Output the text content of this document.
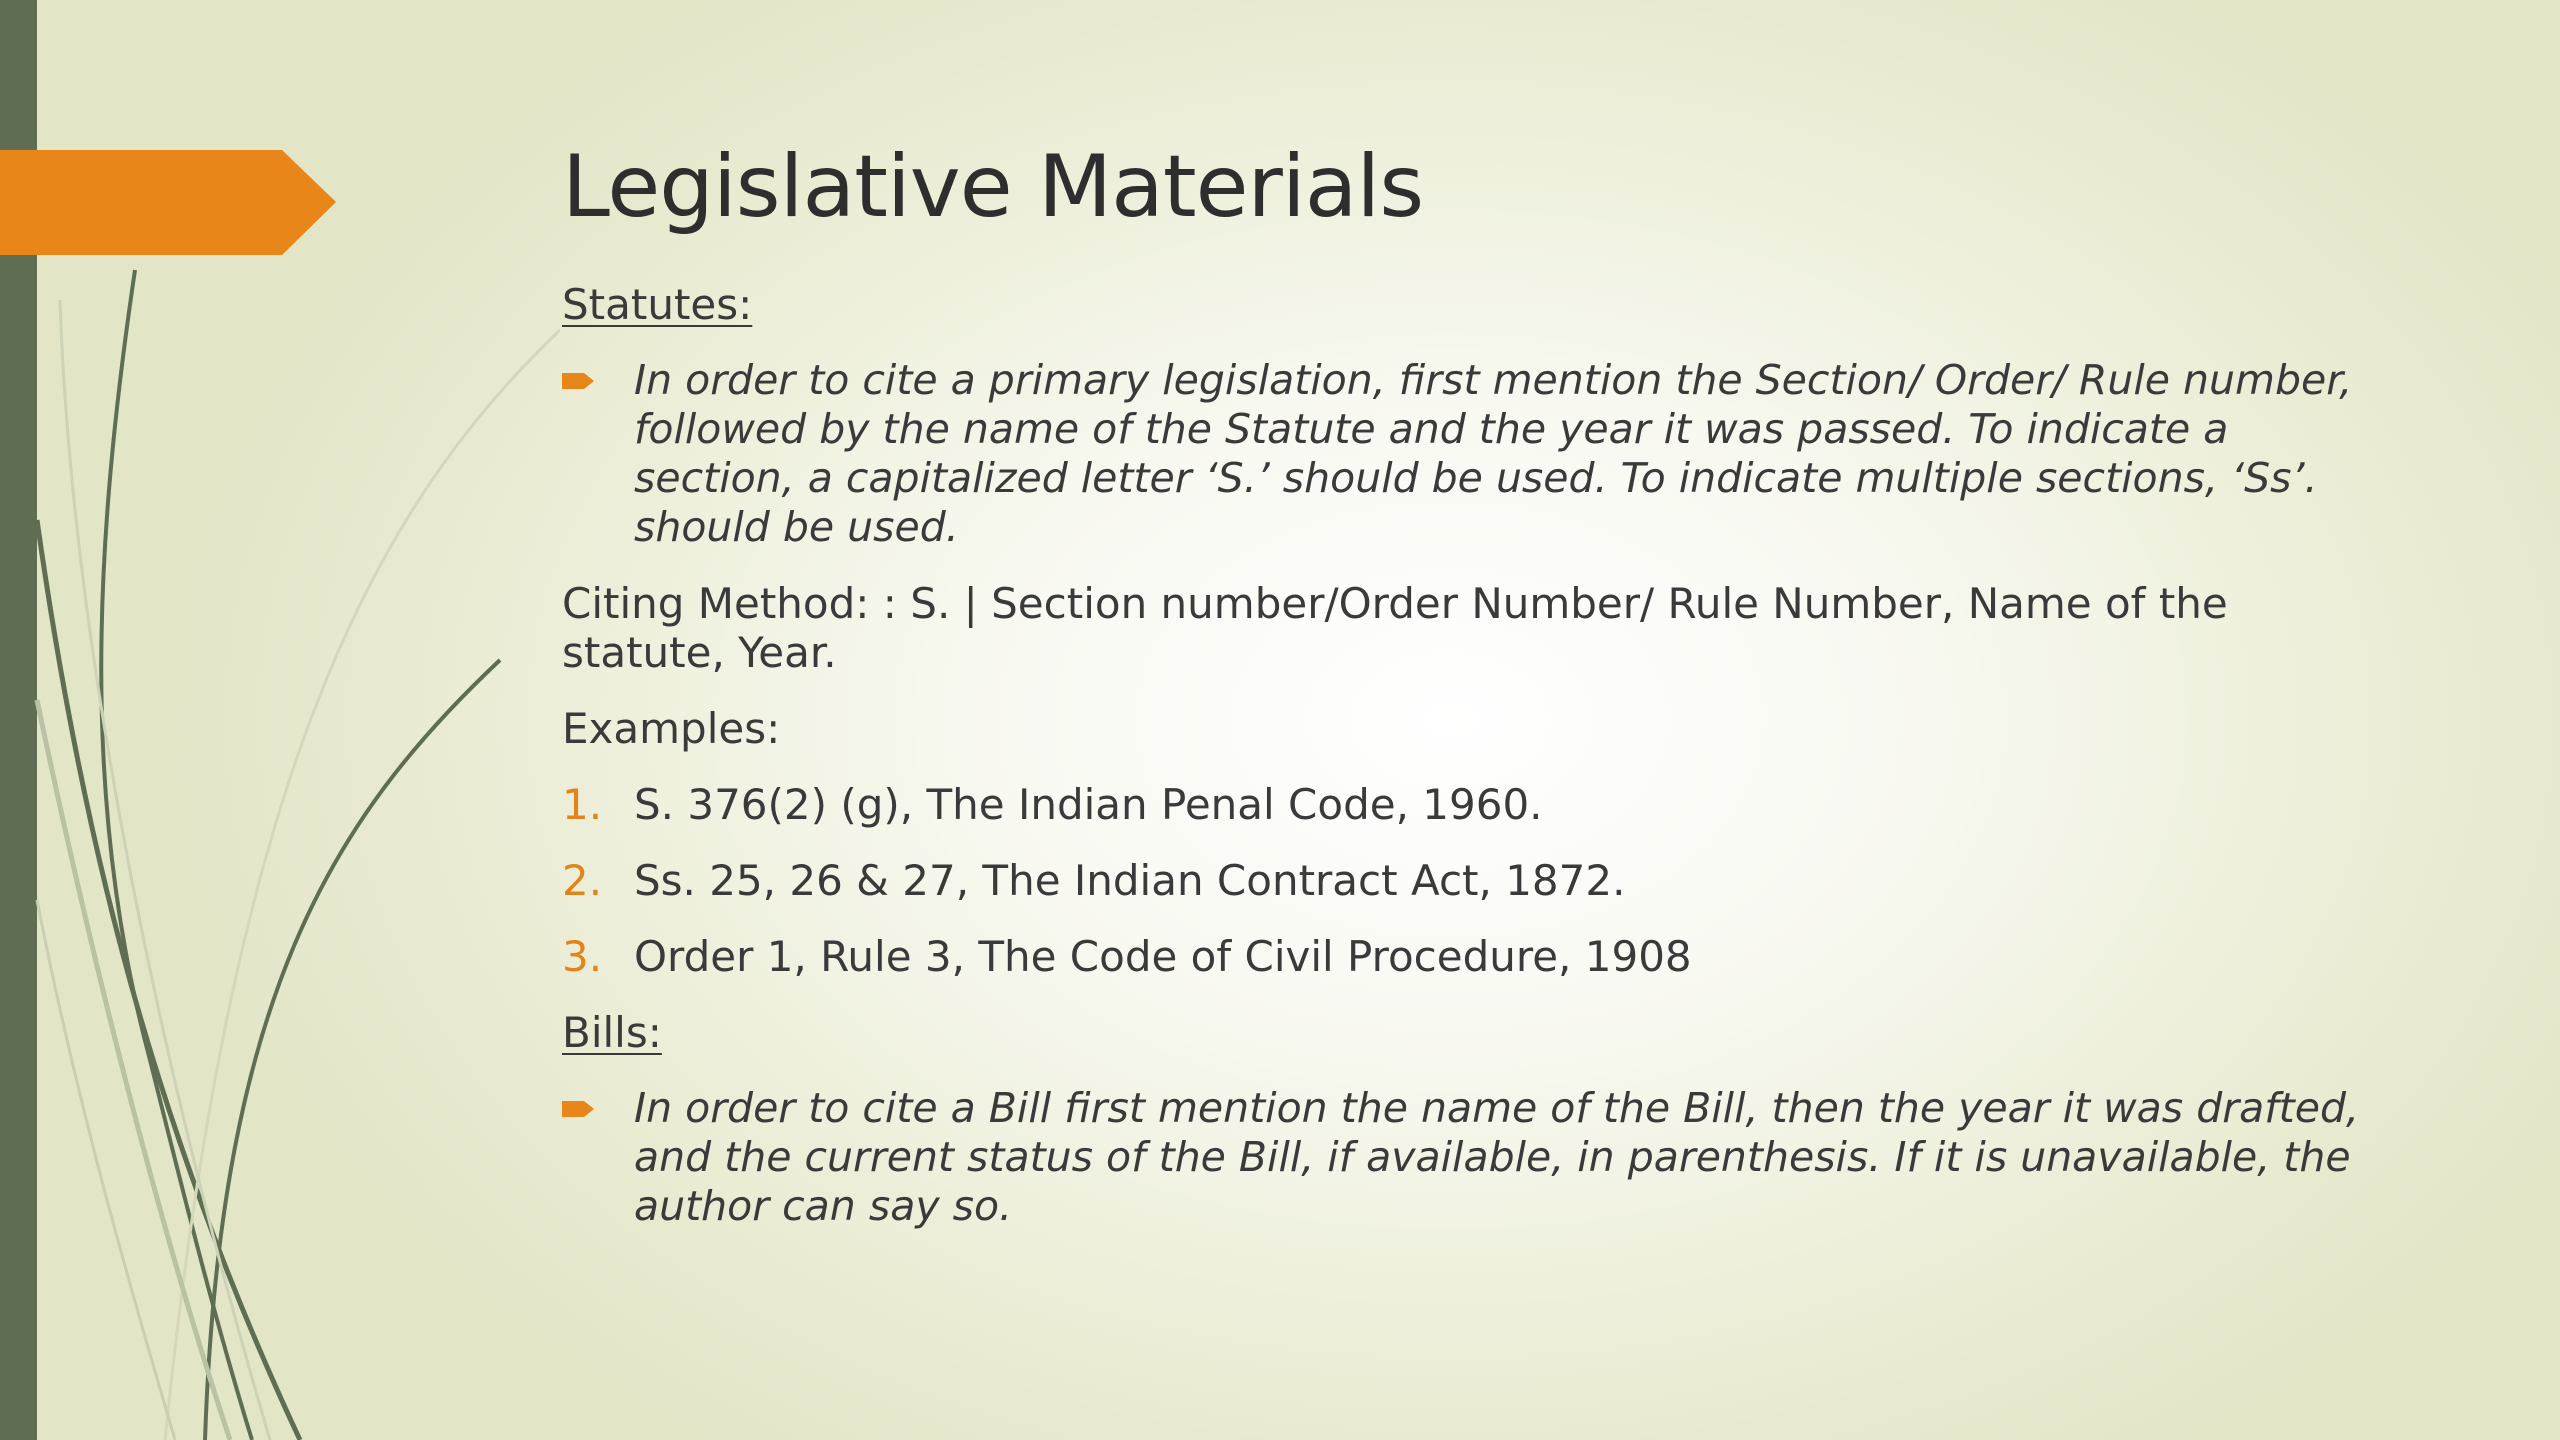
Legislative Materials
Statutes:
In order to cite a primary legislation, first mention the Section/ Order/ Rule number, followed by the name of the Statute and the year it was passed. To indicate a section, a capitalized letter ‘S.’ should be used. To indicate multiple sections, ‘Ss’. should be used.

Citing Method: : S. | Section number/Order Number/ Rule Number, Name of the statute, Year.

Examples:

1. S. 376(2) (g), The Indian Penal Code, 1960.
2. Ss. 25, 26 & 27, The Indian Contract Act, 1872.
3. Order 1, Rule 3, The Code of Civil Procedure, 1908
Bills:
In order to cite a Bill first mention the name of the Bill, then the year it was drafted, and the current status of the Bill, if available, in parenthesis. If it is unavailable, the author can say so.
